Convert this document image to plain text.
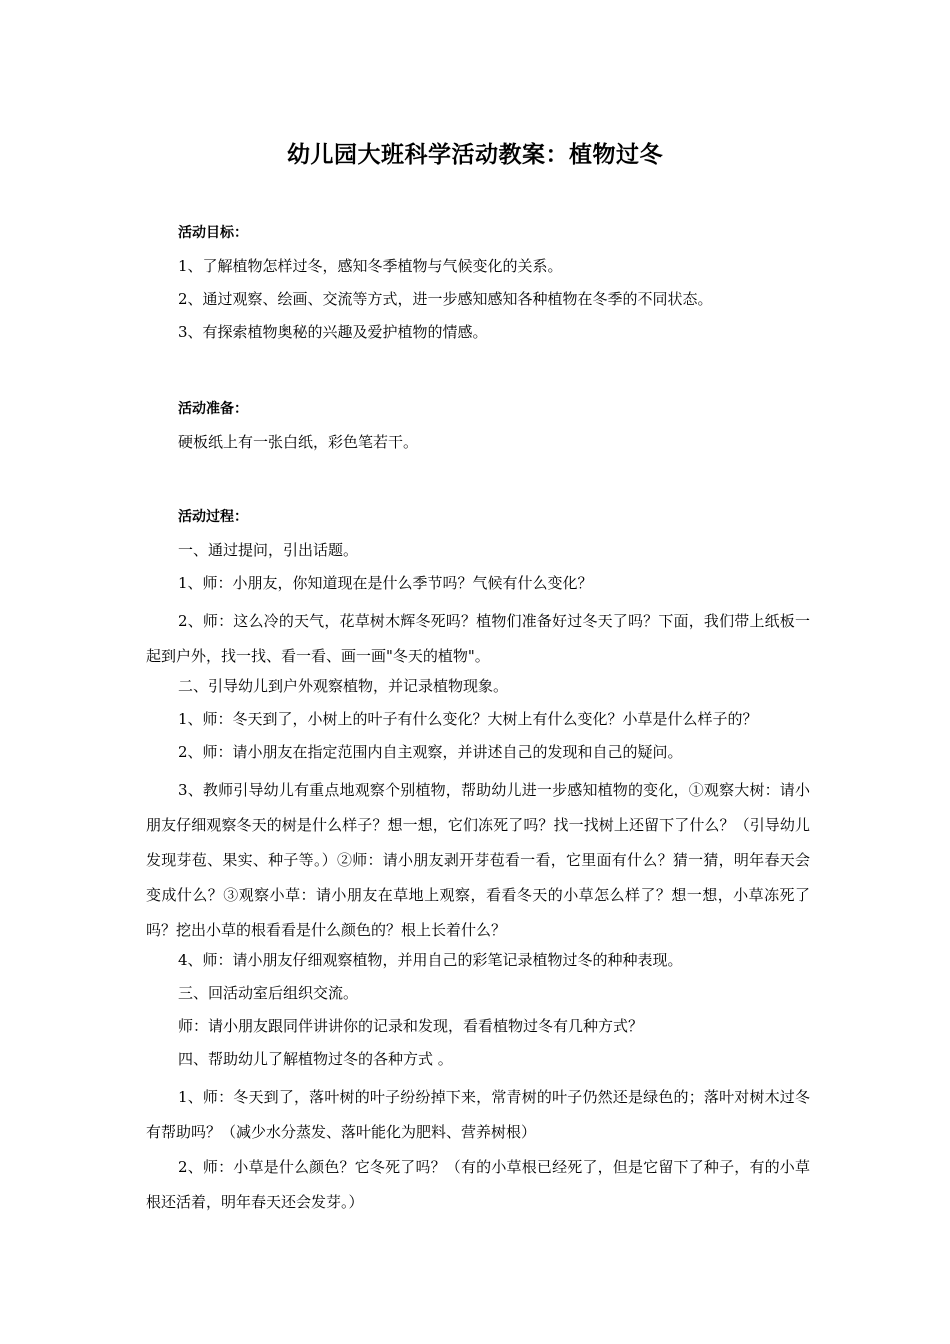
幼儿园大班科学活动教案：植物过冬
活动目标：
1、了解植物怎样过冬，感知冬季植物与气候变化的关系。
2、通过观察、绘画、交流等方式，进一步感知感知各种植物在冬季的不同状态。
3、有探索植物奥秘的兴趣及爱护植物的情感。
活动准备：
硬板纸上有一张白纸，彩色笔若干。
活动过程：
一、通过提问，引出话题。
1、师：小朋友，你知道现在是什么季节吗？气候有什么变化？
2、师：这么冷的天气，花草树木辉冬死吗？植物们准备好过冬天了吗？下面，我们带上纸板一起到户外，找一找、看一看、画一画"冬天的植物"。
二、引导幼儿到户外观察植物，并记录植物现象。
1、师：冬天到了，小树上的叶子有什么变化？大树上有什么变化？小草是什么样子的？
2、师：请小朋友在指定范围内自主观察，并讲述自己的发现和自己的疑问。
3、教师引导幼儿有重点地观察个别植物，帮助幼儿进一步感知植物的变化，①观察大树：请小朋友仔细观察冬天的树是什么样子？想一想，它们冻死了吗？找一找树上还留下了什么？（引导幼儿发现芽苞、果实、种子等。）②师：请小朋友剥开芽苞看一看，它里面有什么？猜一猜，明年春天会变成什么？③观察小草：请小朋友在草地上观察，看看冬天的小草怎么样了？想一想，小草冻死了吗？挖出小草的根看看是什么颜色的？根上长着什么？
4、师：请小朋友仔细观察植物，并用自己的彩笔记录植物过冬的种种表现。
三、回活动室后组织交流。
师：请小朋友跟同伴讲讲你的记录和发现，看看植物过冬有几种方式？
四、帮助幼儿了解植物过冬的各种方式 。
1、师：冬天到了，落叶树的叶子纷纷掉下来，常青树的叶子仍然还是绿色的；落叶对树木过冬有帮助吗？（减少水分蒸发、落叶能化为肥料、营养树根）
2、师：小草是什么颜色？它冬死了吗？（有的小草根已经死了，但是它留下了种子，有的小草根还活着，明年春天还会发芽。）
